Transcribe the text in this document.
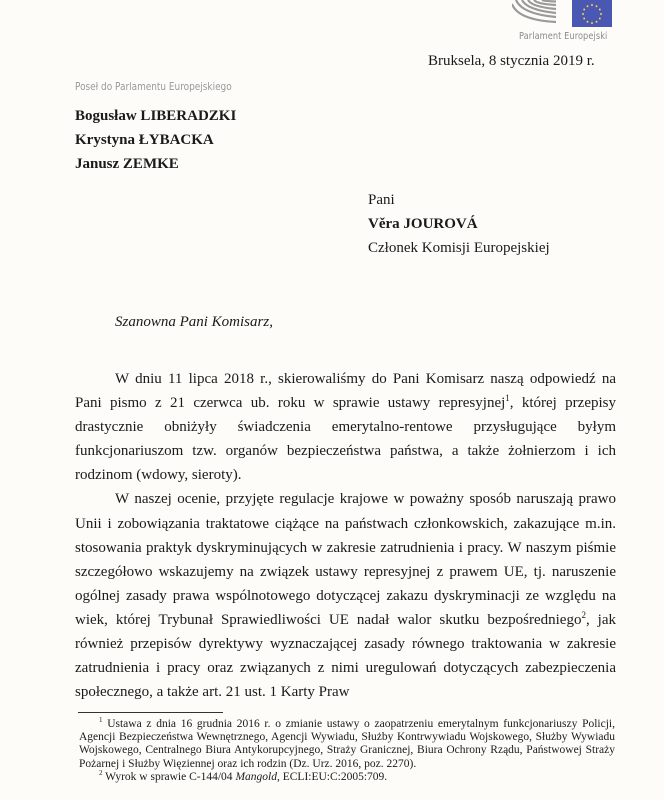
Parlament Europejski
Bruksela, 8 stycznia 2019 r.
Poseł do Parlamentu Europejskiego
Bogusław LIBERADZKI
Krystyna ŁYBACKA
Janusz ZEMKE
Pani
Věra JOUROVÁ
Członek Komisji Europejskiej
Szanowna Pani Komisarz,

W dniu 11 lipca 2018 r., skierowaliśmy do Pani Komisarz naszą odpowiedź na Pani pismo z 21 czerwca ub. roku w sprawie ustawy represyjnej$^1$, której przepisy drastycznie obniżyły świadczenia emerytalno-rentowe przysługujące byłym funkcjonariuszom tzw. organów bezpieczeństwa państwa, a także żołnierzom i ich rodzinom (wdowy, sieroty).

W naszej ocenie, przyjęte regulacje krajowe w poważny sposób naruszają prawo Unii i zobowiązania traktatowe ciążące na państwach członkowskich, zakazujące m.in. stosowania praktyk dyskryminujących w zakresie zatrudnienia i pracy. W naszym piśmie szczegółowo wskazujemy na związek ustawy represyjnej z prawem UE, tj. naruszenie ogólnej zasady prawa wspólnotowego dotyczącej zakazu dyskryminacji ze względu na wiek, której Trybunał Sprawiedliwości UE nadał walor skutku bezpośredniego$^2$, jak również przepisów dyrektywy wyznaczającej zasady równego traktowania w zakresie zatrudnienia i pracy oraz związanych z nimi uregulowań dotyczących zabezpieczenia społecznego, a także art. 21 ust. 1 Karty Praw

$^1$ Ustawa z dnia 16 grudnia 2016 r. o zmianie ustawy o zaopatrzeniu emerytalnym funkcjonariuszy Policji, Agencji Bezpieczeństwa Wewnętrznego, Agencji Wywiadu, Służby Kontrwywiadu Wojskowego, Służby Wywiadu Wojskowego, Centralnego Biura Antykorupcyjnego, Straży Granicznej, Biura Ochrony Rządu, Państwowej Straży Pożarnej i Służby Więziennej oraz ich rodzin (Dz. Urz. 2016, poz. 2270).

$^2$ Wyrok w sprawie C-144/04 Mangold, ECLI:EU:C:2005:709.
